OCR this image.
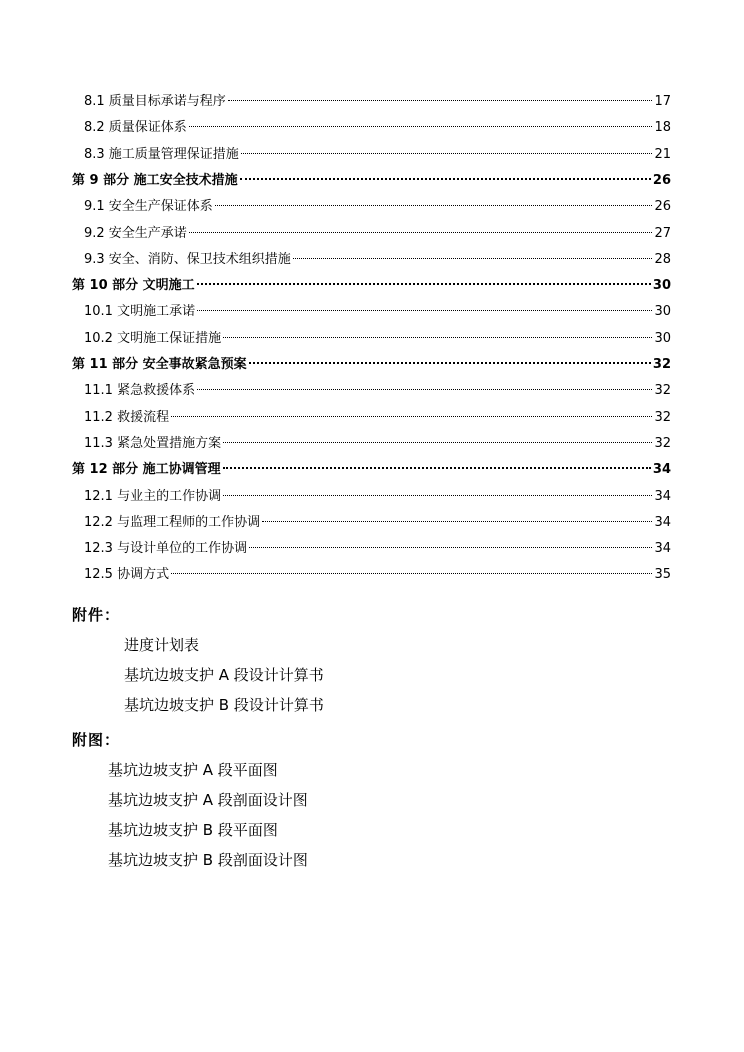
8.1 质量目标承诺与程序	17
8.2 质量保证体系	18
8.3 施工质量管理保证措施	21
第 9 部分 施工安全技术措施	26
9.1 安全生产保证体系	26
9.2 安全生产承诺	27
9.3 安全、消防、保卫技术组织措施	28
第 10 部分 文明施工	30
10.1 文明施工承诺	30
10.2 文明施工保证措施	30
第 11 部分 安全事故紧急预案	32
11.1 紧急救援体系	32
11.2 救援流程	32
11.3 紧急处置措施方案	32
第 12 部分 施工协调管理	34
12.1 与业主的工作协调	34
12.2 与监理工程师的工作协调	34
12.3 与设计单位的工作协调	34
12.5 协调方式	35
附件：
进度计划表
基坑边坡支护 A 段设计计算书
基坑边坡支护 B 段设计计算书
附图：
基坑边坡支护 A 段平面图
基坑边坡支护 A 段剖面设计图
基坑边坡支护 B 段平面图
基坑边坡支护 B 段剖面设计图
